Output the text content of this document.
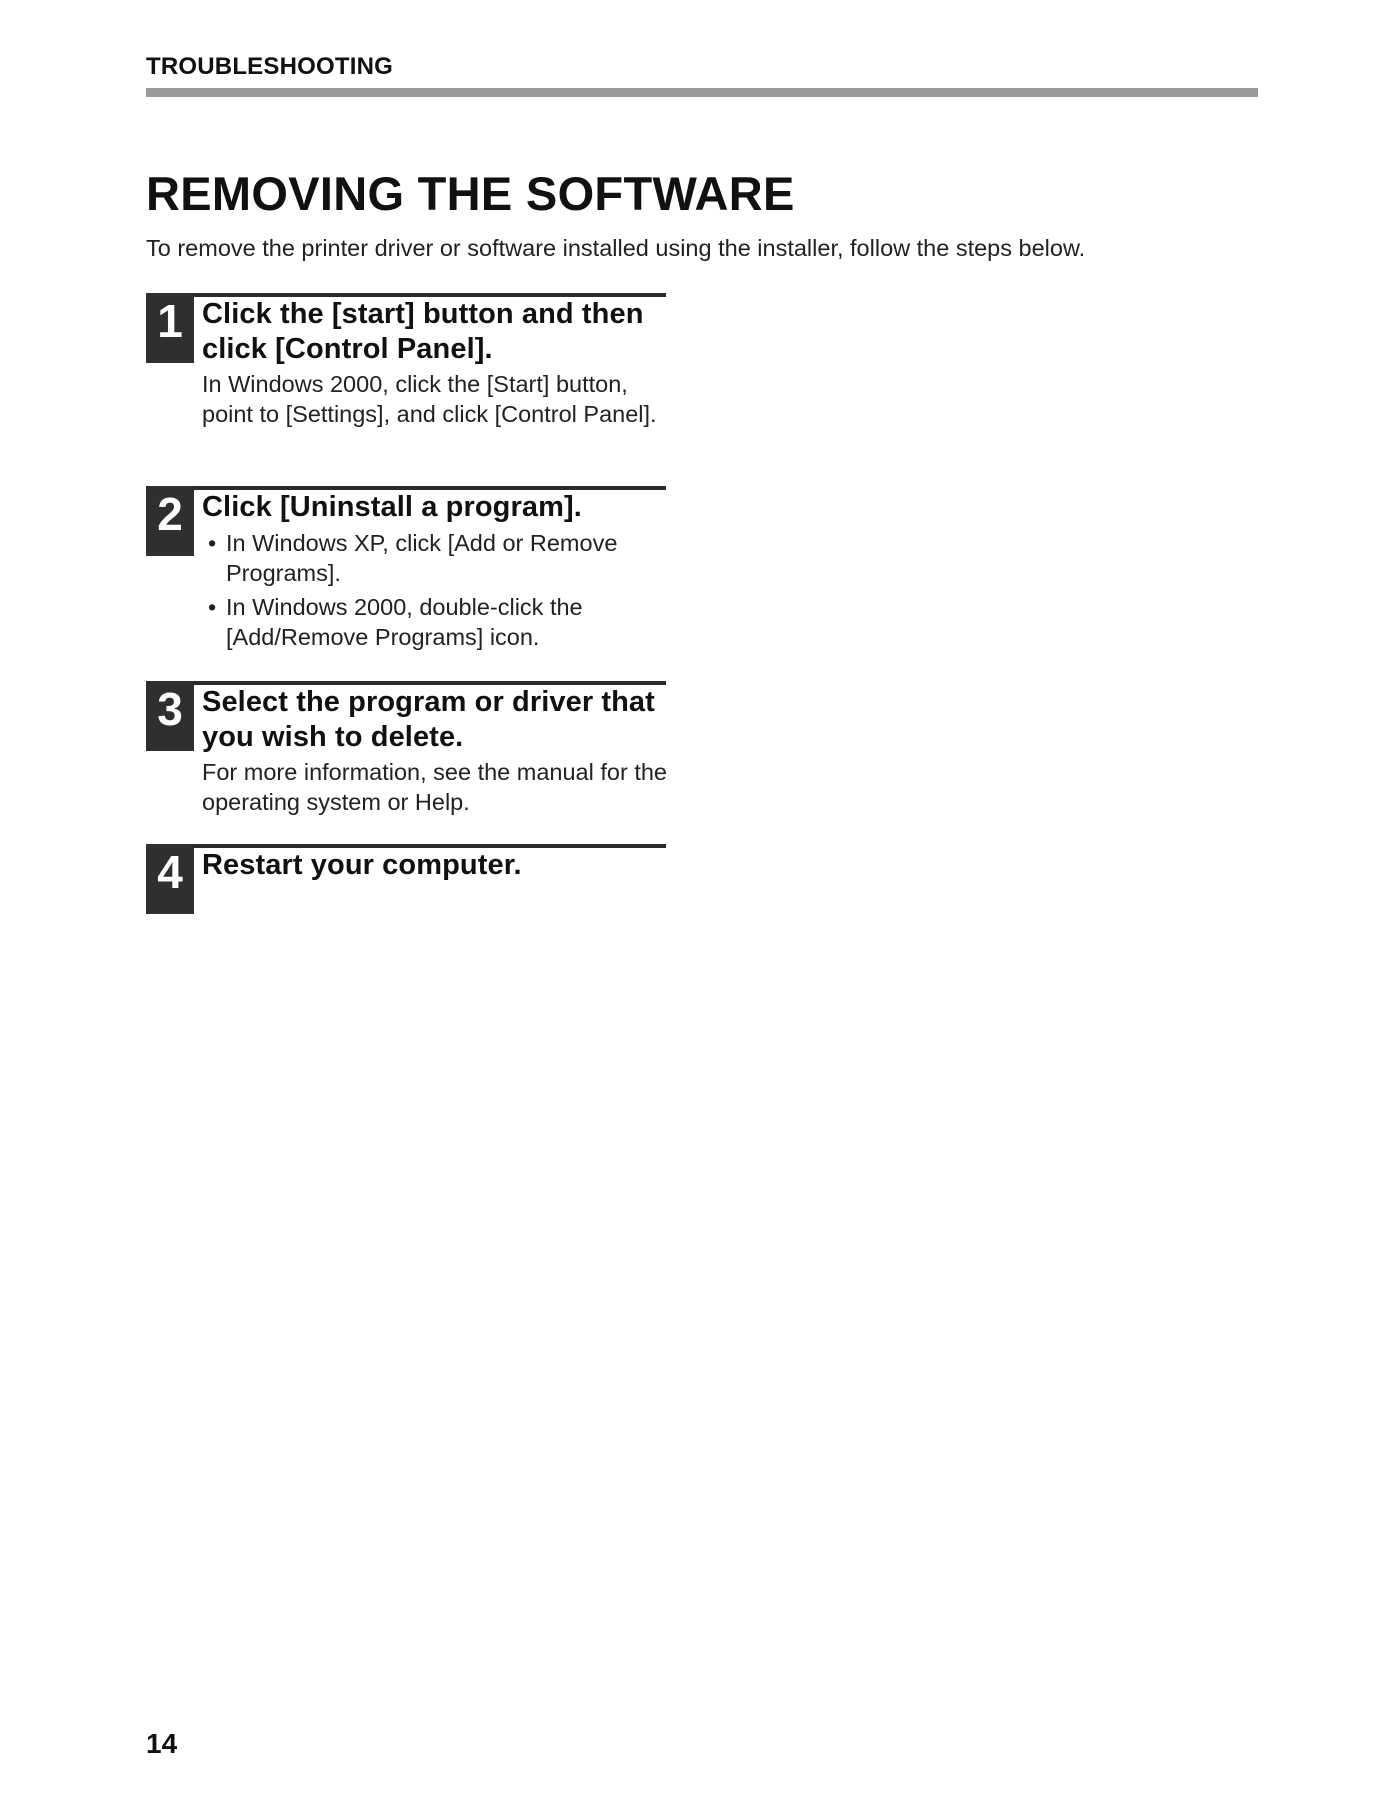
TROUBLESHOOTING
REMOVING THE SOFTWARE

To remove the printer driver or software installed using the installer, follow the steps below.

1 Click the [start] button and then click [Control Panel].

In Windows 2000, click the [Start] button, point to [Settings], and click [Control Panel].

2 Click [Uninstall a program].

• In Windows XP, click [Add or Remove Programs].
• In Windows 2000, double-click the [Add/Remove Programs] icon.
3 Select the program or driver that you wish to delete.

For more information, see the manual for the operating system or Help.

4 Restart your computer.

14
